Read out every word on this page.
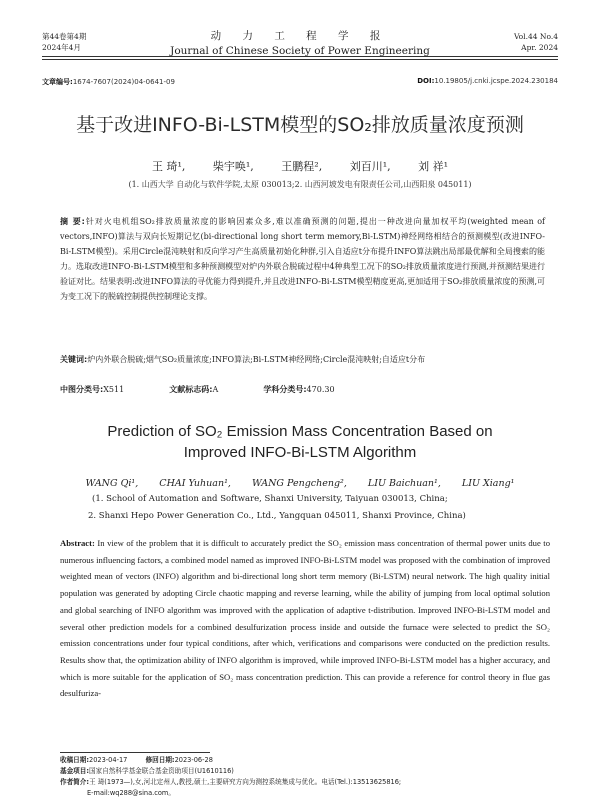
第44卷第4期
2024年4月
动 力 工 程 学 报
Journal of Chinese Society of Power Engineering
Vol.44 No.4
Apr. 2024
文章编号:1674-7607(2024)04-0641-09	DOI:10.19805/j.cnki.jcspe.2024.230184
基于改进INFO-Bi-LSTM模型的SO₂排放质量浓度预测
王 琦¹,	柴宇唤¹,	王鹏程²,	刘百川¹,	刘 祥¹
(1. 山西大学 自动化与软件学院,太原 030013;2. 山西河坡发电有限责任公司,山西阳泉 045011)
摘 要:针对火电机组SO₂排放质量浓度的影响因素众多,难以准确预测的问题,提出一种改进向量加权平均(weighted mean of vectors,INFO)算法与双向长短期记忆(bi-directional long short term memory,Bi-LSTM)神经网络相结合的预测模型(改进INFO-Bi-LSTM模型)。采用Circle混沌映射和反向学习产生高质量初始化种群,引入自适应t分布提升INFO算法跳出局部最优解和全局搜索的能力。选取改进INFO-Bi-LSTM模型和多种预测模型对炉内外联合脱硫过程中4种典型工况下的SO₂排放质量浓度进行预测,并预测结果进行验证对比。结果表明:改进INFO算法的寻优能力得到提升,并且改进INFO-Bi-LSTM模型精度更高,更加适用于SO₂排放质量浓度的预测,可为变工况下的脱硫控制提供控制理论支撑。
关键词:炉内外联合脱硫;烟气SO₂质量浓度;INFO算法;Bi-LSTM神经网络;Circle混沌映射;自适应t分布
中图分类号:X511	文献标志码:A	学科分类号:470.30
Prediction of SO₂ Emission Mass Concentration Based on
Improved INFO-Bi-LSTM Algorithm
WANG Qi¹, CHAI Yuhuan¹, WANG Pengcheng², LIU Baichuan¹, LIU Xiang¹
(1. School of Automation and Software, Shanxi University, Taiyuan 030013, China;
2. Shanxi Hepo Power Generation Co., Ltd., Yangquan 045011, Shanxi Province, China)
Abstract: In view of the problem that it is difficult to accurately predict the SO₂ emission mass concentration of thermal power units due to numerous influencing factors, a combined model named as improved INFO-Bi-LSTM model was proposed with the combination of improved weighted mean of vectors (INFO) algorithm and bi-directional long short term memory (Bi-LSTM) neural network. The high quality initial population was generated by adopting Circle chaotic mapping and reverse learning, while the ability of jumping from local optimal solution and global searching of INFO algorithm was improved with the application of adaptive t-distribution. Improved INFO-Bi-LSTM model and several other prediction models for a combined desulfurization process inside and outside the furnace were selected to predict the SO₂ emission concentrations under four typical conditions, after which, verifications and comparisons were conducted on the prediction results. Results show that, the optimization ability of INFO algorithm is improved, while improved INFO-Bi-LSTM model has a higher accuracy, and which is more suitable for the application of SO₂ mass concentration prediction. This can provide a reference for control theory in flue gas desulfuriza-
收稿日期:2023-04-17	修回日期:2023-06-28
基金项目:国家自然科学基金联合基金资助项目(U1610116)
作者简介:王 琦(1973—),女,河北定州人,教授,硕士,主要研究方向为测控系统集成与优化。电话(Tel.):13513625816;
E-mail:wq288@sina.com。
